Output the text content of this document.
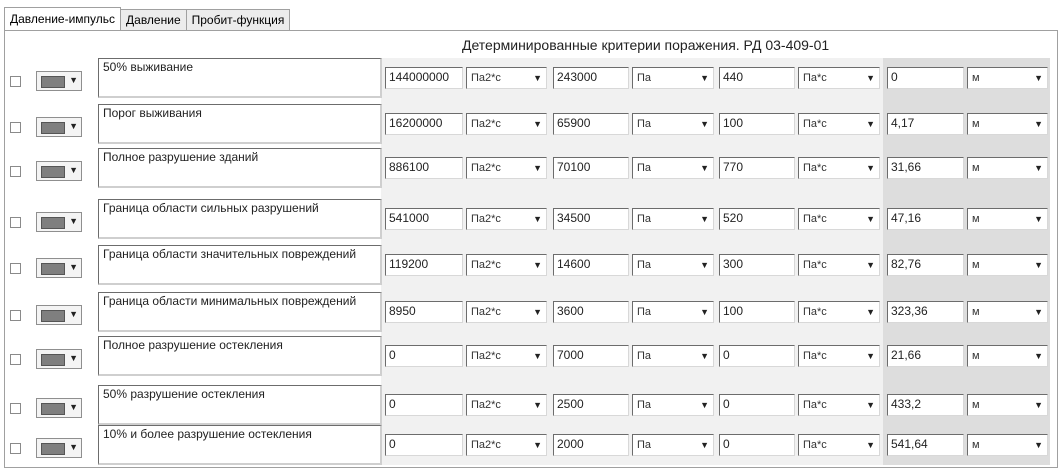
Давление-импульс Давление Пробит-функция
Детерминированные критерии поражения. РД 03-409-01
▼
50% выживание
144000000	Па2*с	▼	243000	Па	▼	440	Па*с	▼	0	м	▼
▼
Порог выживания
16200000	Па2*с	▼	65900	Па	▼	100	Па*с	▼	4,17	м	▼
▼
Полное разрушение зданий
886100	Па2*с	▼	70100	Па	▼	770	Па*с	▼	31,66	м	▼
▼
Граница области сильных разрушений
541000	Па2*с	▼	34500	Па	▼	520	Па*с	▼	47,16	м	▼
▼
Граница области значительных повреждений
119200	Па2*с	▼	14600	Па	▼	300	Па*с	▼	82,76	м	▼
▼
Граница области минимальных повреждений
8950	Па2*с	▼	3600	Па	▼	100	Па*с	▼	323,36	м	▼
▼
Полное разрушение остекления
0	Па2*с	▼	7000	Па	▼	0	Па*с	▼	21,66	м	▼
▼
50% разрушение остекления
0	Па2*с	▼	2500	Па	▼	0	Па*с	▼	433,2	м	▼
▼
10% и более разрушение остекления
0	Па2*с	▼	2000	Па	▼	0	Па*с	▼	541,64	м	▼
